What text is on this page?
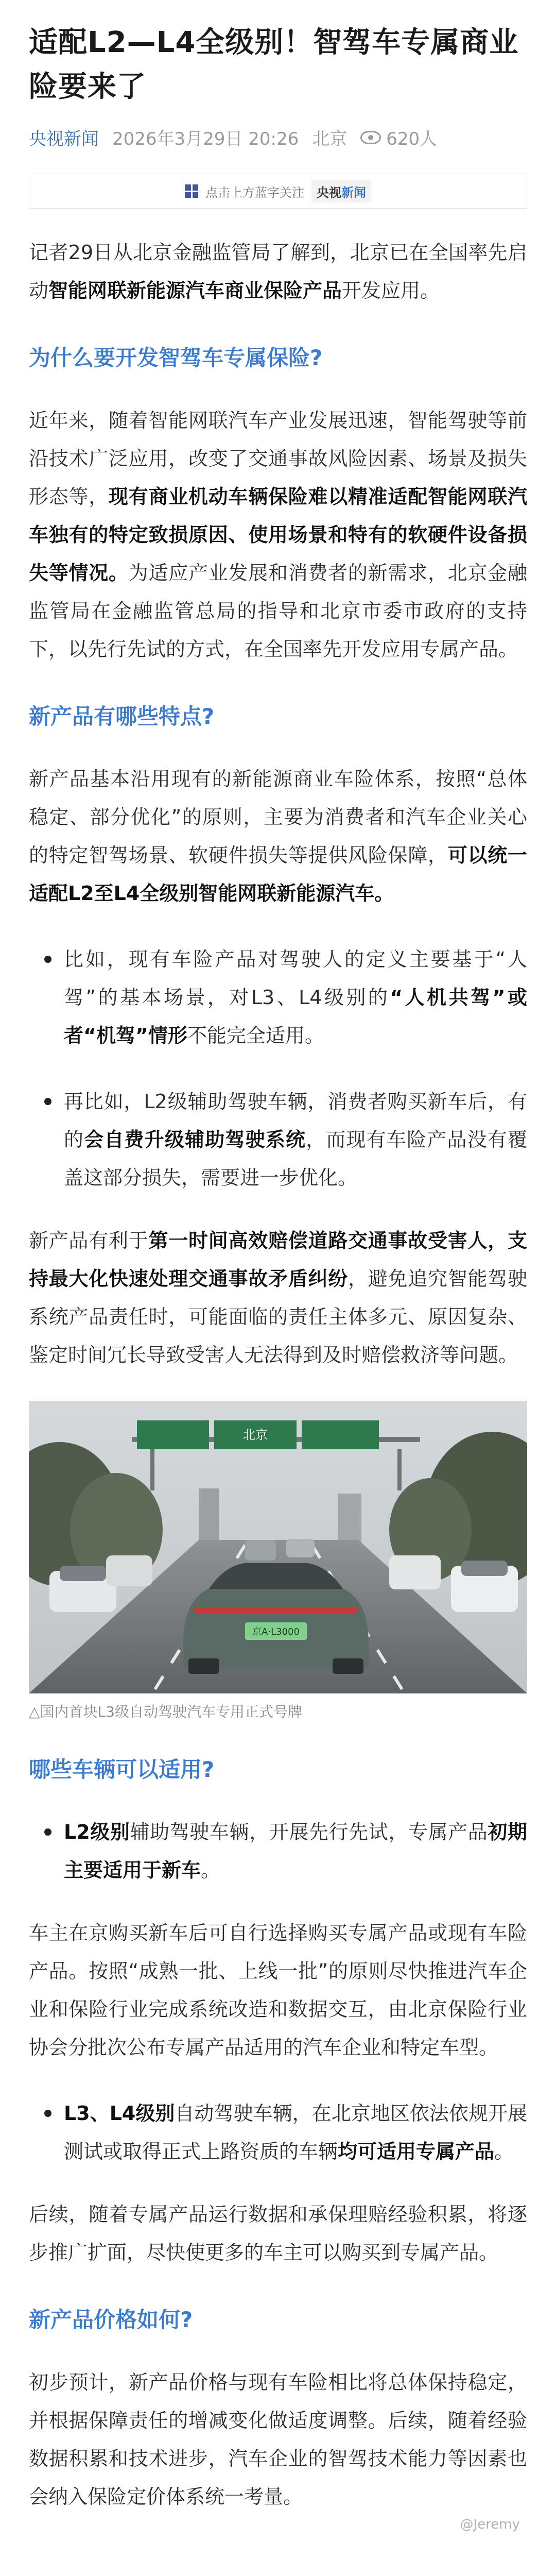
适配L2—L4全级别！智驾车专属商业险要来了
央视新闻 2026年3月29日 20:26 北京 620人
点击上方蓝字关注	央视新闻

记者29日从北京金融监管局了解到，北京已在全国率先启动智能网联新能源汽车商业保险产品开发应用。

为什么要开发智驾车专属保险?

近年来，随着智能网联汽车产业发展迅速，智能驾驶等前沿技术广泛应用，改变了交通事故风险因素、场景及损失形态等，现有商业机动车辆保险难以精准适配智能网联汽车独有的特定致损原因、使用场景和特有的软硬件设备损失等情况。为适应产业发展和消费者的新需求，北京金融监管局在金融监管总局的指导和北京市委市政府的支持下，以先行先试的方式，在全国率先开发应用专属产品。

新产品有哪些特点?

新产品基本沿用现有的新能源商业车险体系，按照“总体稳定、部分优化”的原则，主要为消费者和汽车企业关心的特定智驾场景、软硬件损失等提供风险保障，可以统一适配L2至L4全级别智能网联新能源汽车。

比如，现有车险产品对驾驶人的定义主要基于“人驾”的基本场景，对L3、L4级别的“人机共驾”或者“机驾”情形不能完全适用。

再比如，L2级辅助驾驶车辆，消费者购买新车后，有的会自费升级辅助驾驶系统，而现有车险产品没有覆盖这部分损失，需要进一步优化。

新产品有利于第一时间高效赔偿道路交通事故受害人，支持最大化快速处理交通事故矛盾纠纷，避免追究智能驾驶系统产品责任时，可能面临的责任主体多元、原因复杂、鉴定时间冗长导致受害人无法得到及时赔偿救济等问题。

北京
京A·L3000
△国内首块L3级自动驾驶汽车专用正式号牌
哪些车辆可以适用?

L2级别辅助驾驶车辆，开展先行先试，专属产品初期主要适用于新车。

车主在京购买新车后可自行选择购买专属产品或现有车险产品。按照“成熟一批、上线一批”的原则尽快推进汽车企业和保险行业完成系统改造和数据交互，由北京保险行业协会分批次公布专属产品适用的汽车企业和特定车型。

L3、L4级别自动驾驶车辆，在北京地区依法依规开展测试或取得正式上路资质的车辆均可适用专属产品。

后续，随着专属产品运行数据和承保理赔经验积累，将逐步推广扩面，尽快使更多的车主可以购买到专属产品。

新产品价格如何?

初步预计，新产品价格与现有车险相比将总体保持稳定，并根据保障责任的增减变化做适度调整。后续，随着经验数据积累和技术进步，汽车企业的智驾技术能力等因素也会纳入保险定价体系统一考量。

@Jeremy
